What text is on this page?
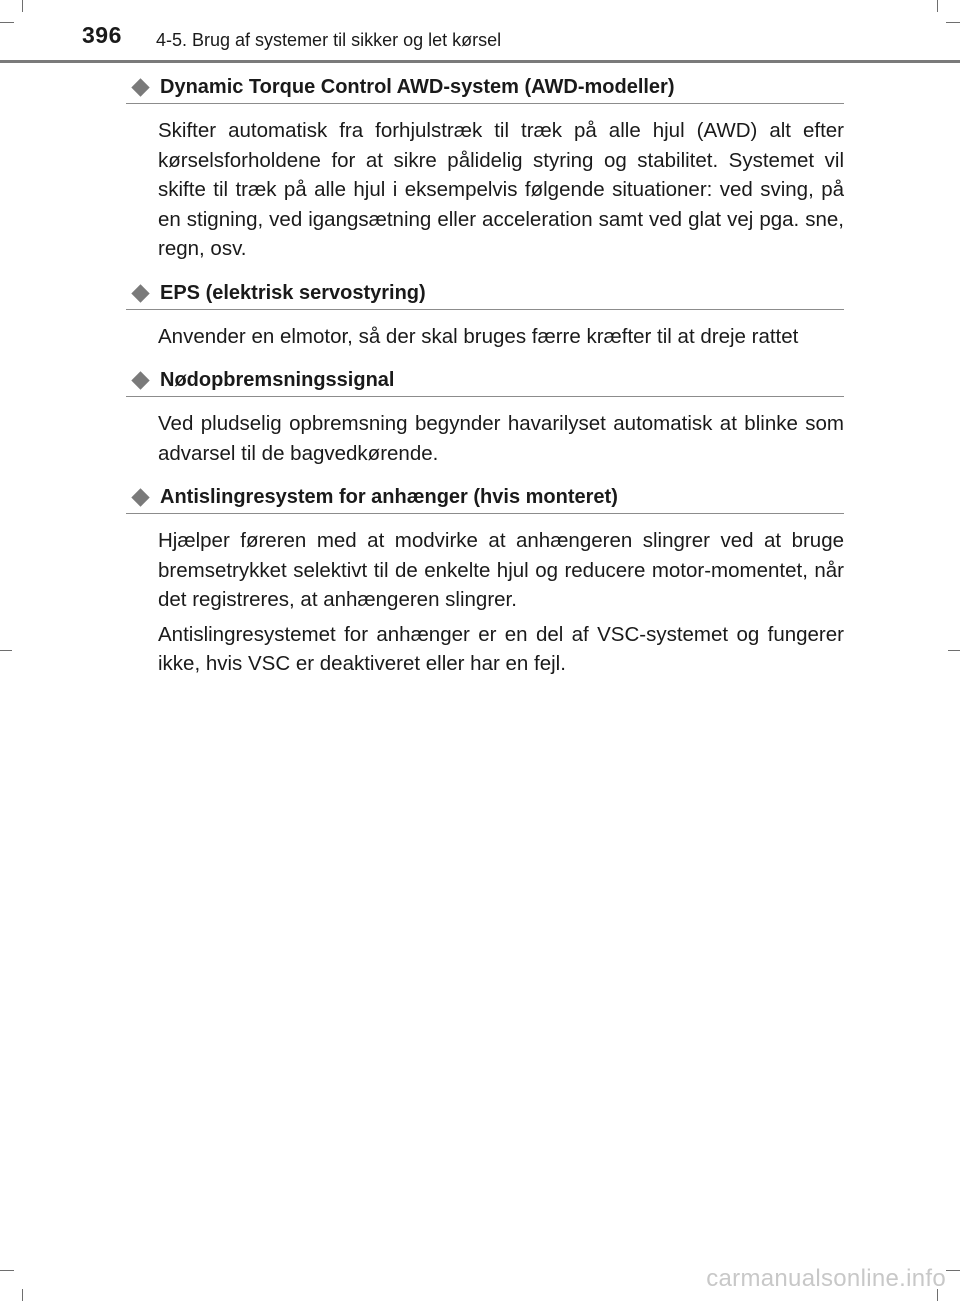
396 4-5. Brug af systemer til sikker og let kørsel
Dynamic Torque Control AWD-system (AWD-modeller)

Skifter automatisk fra forhjulstræk til træk på alle hjul (AWD) alt efter kørselsforholdene for at sikre pålidelig styring og stabilitet. Systemet vil skifte til træk på alle hjul i eksempelvis følgende situationer: ved sving, på en stigning, ved igangsætning eller acceleration samt ved glat vej pga. sne, regn, osv.

EPS (elektrisk servostyring)

Anvender en elmotor, så der skal bruges færre kræfter til at dreje rattet

Nødopbremsningssignal

Ved pludselig opbremsning begynder havarilyset automatisk at blinke som advarsel til de bagvedkørende.

Antislingresystem for anhænger (hvis monteret)

Hjælper føreren med at modvirke at anhængeren slingrer ved at bruge bremsetrykket selektivt til de enkelte hjul og reducere motor-momentet, når det registreres, at anhængeren slingrer.

Antislingresystemet for anhænger er en del af VSC-systemet og fungerer ikke, hvis VSC er deaktiveret eller har en fejl.

carmanualsonline.info
